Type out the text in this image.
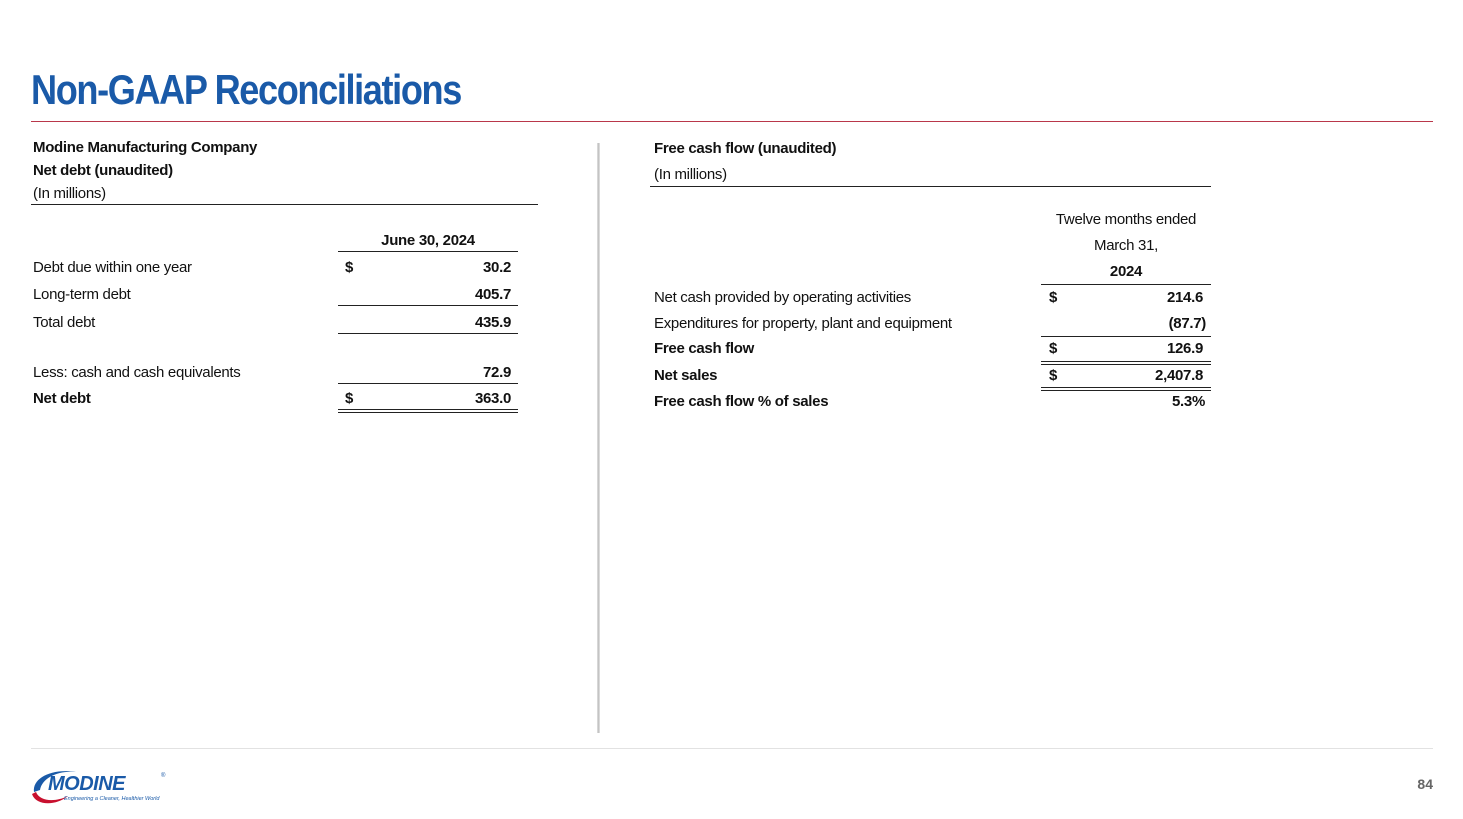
Non-GAAP Reconciliations
Modine Manufacturing Company
Net debt (unaudited)
(In millions)
June 30, 2024
Debt due within one year	$	30.2
Long-term debt	405.7
Total debt	435.9
Less: cash and cash equivalents	72.9
Net debt	$	363.0
Free cash flow (unaudited)
(In millions)
Twelve months ended
March 31,
2024
Net cash provided by operating activities	$	214.6
Expenditures for property, plant and equipment	(87.7)
Free cash flow	$	126.9
Net sales	$	2,407.8
Free cash flow % of sales	5.3%
MODINE	®
Engineering a Cleaner, Healthier World
84
